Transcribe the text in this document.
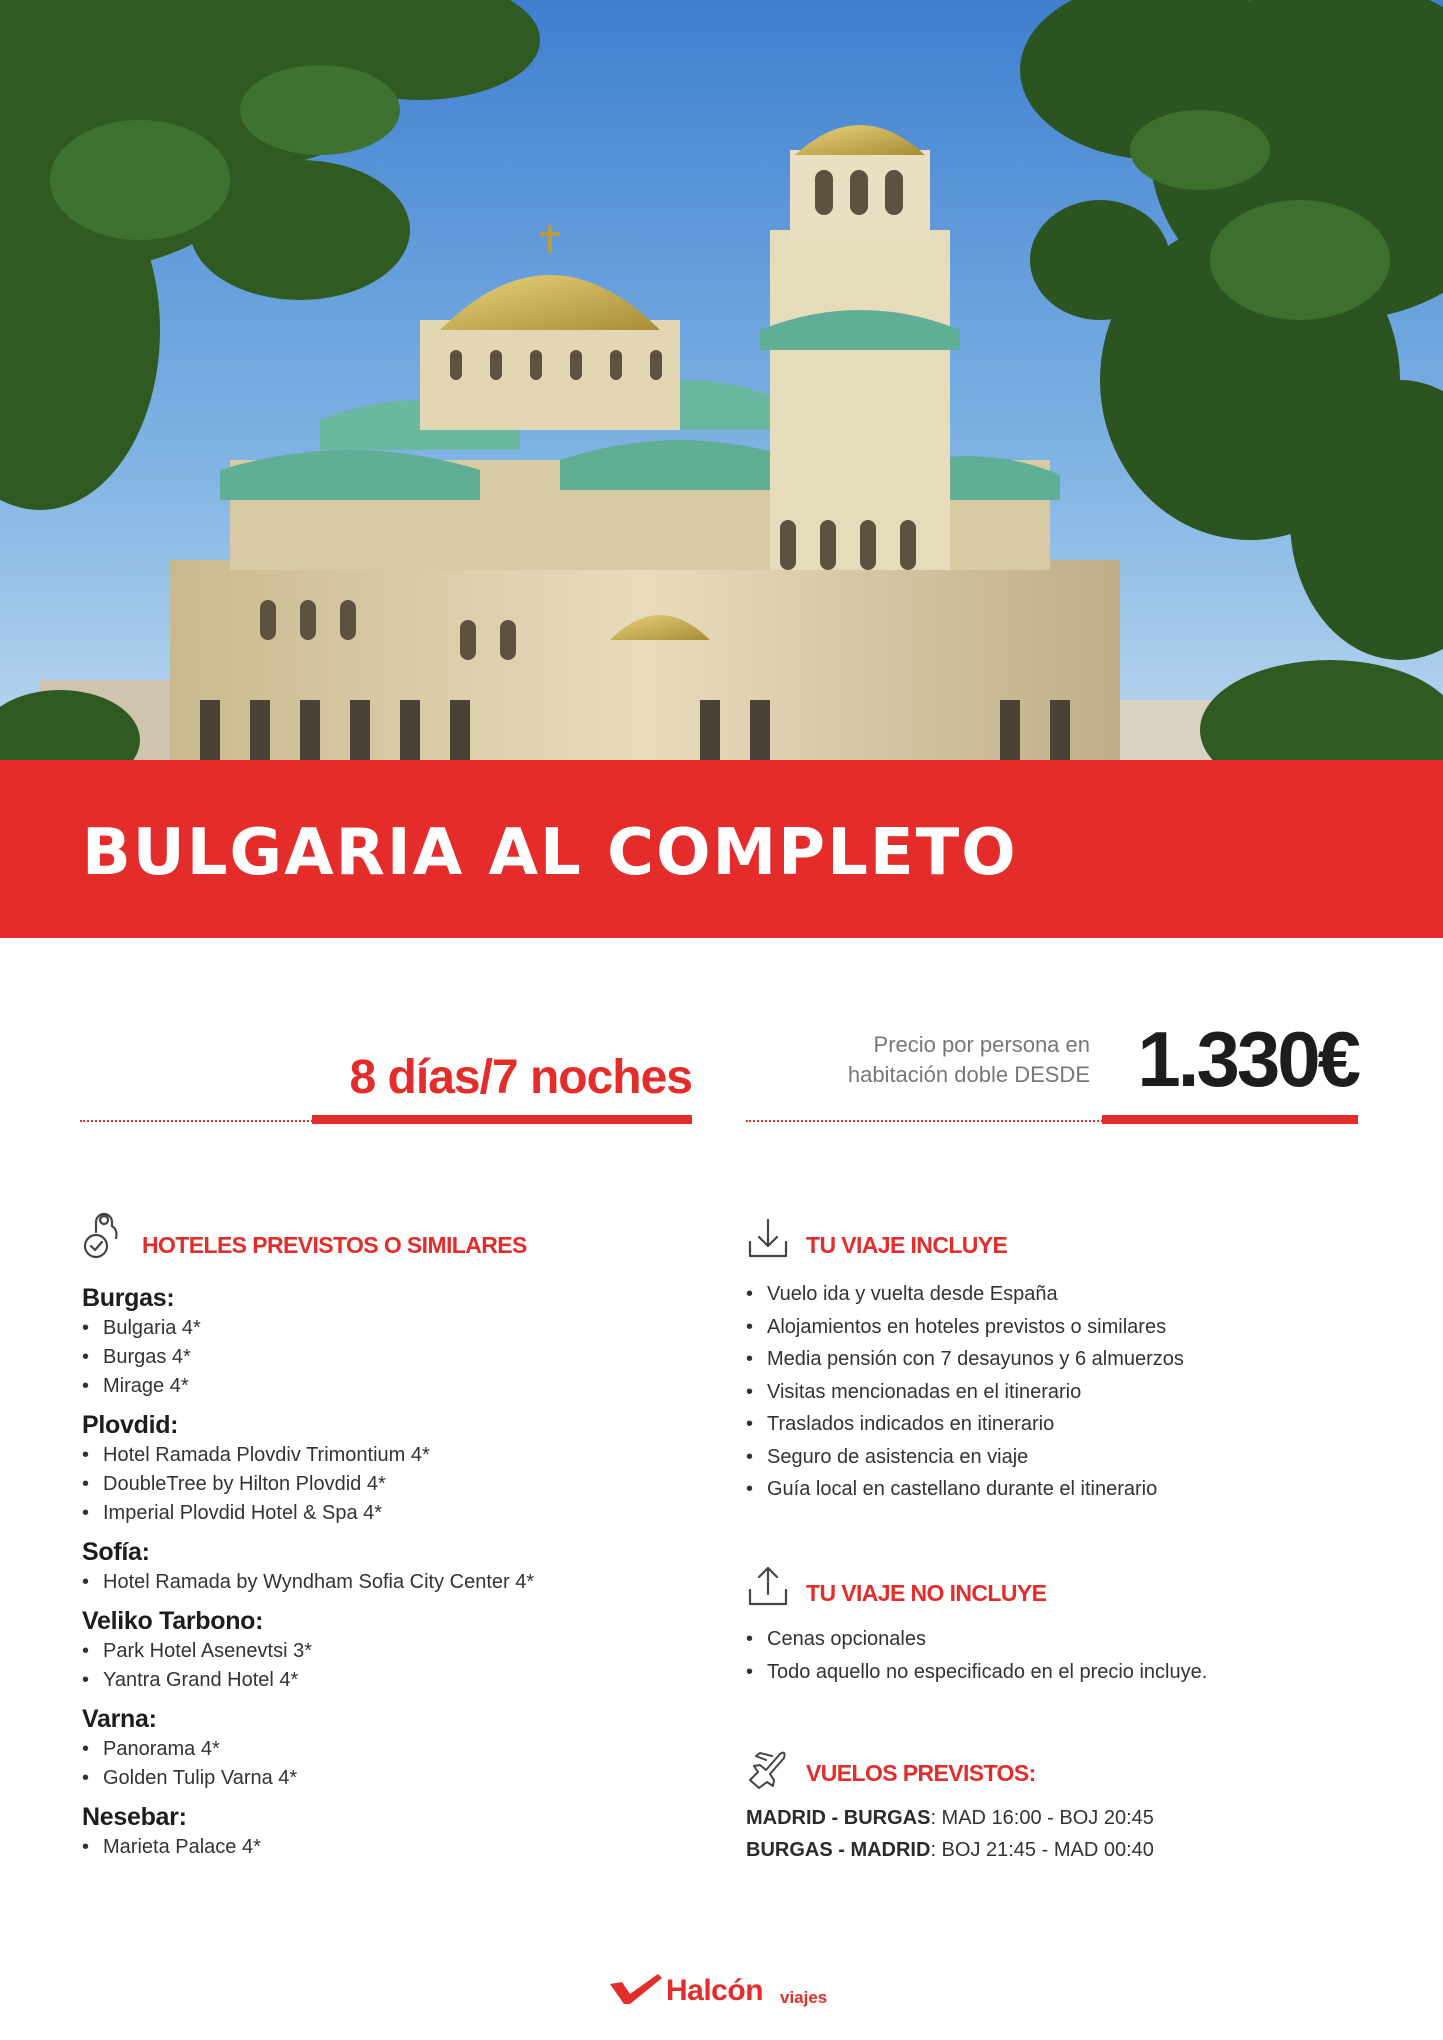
BULGARIA AL COMPLETO
8 días/7 noches
Precio por persona en
habitación doble DESDE 1.330€
HOTELES PREVISTOS O SIMILARES
Burgas:
• Bulgaria 4*
• Burgas 4*
• Mirage 4*
Plovdid:
• Hotel Ramada Plovdiv Trimontium 4*
• DoubleTree by Hilton Plovdid 4*
• Imperial Plovdid Hotel & Spa 4*
Sofía:
• Hotel Ramada by Wyndham Sofia City Center 4*
Veliko Tarbono:
• Park Hotel Asenevtsi 3*
• Yantra Grand Hotel 4*
Varna:
• Panorama 4*
• Golden Tulip Varna 4*
Nesebar:
• Marieta Palace 4*
TU VIAJE INCLUYE
• Vuelo ida y vuelta desde España
• Alojamientos en hoteles previstos o similares
• Media pensión con 7 desayunos y 6 almuerzos
• Visitas mencionadas en el itinerario
• Traslados indicados en itinerario
• Seguro de asistencia en viaje
• Guía local en castellano durante el itinerario
TU VIAJE NO INCLUYE
• Cenas opcionales
• Todo aquello no especificado en el precio incluye.
VUELOS PREVISTOS:
MADRID - BURGAS: MAD 16:00 - BOJ 20:45
BURGAS - MADRID: BOJ 21:45 - MAD 00:40
Halcón viajes
